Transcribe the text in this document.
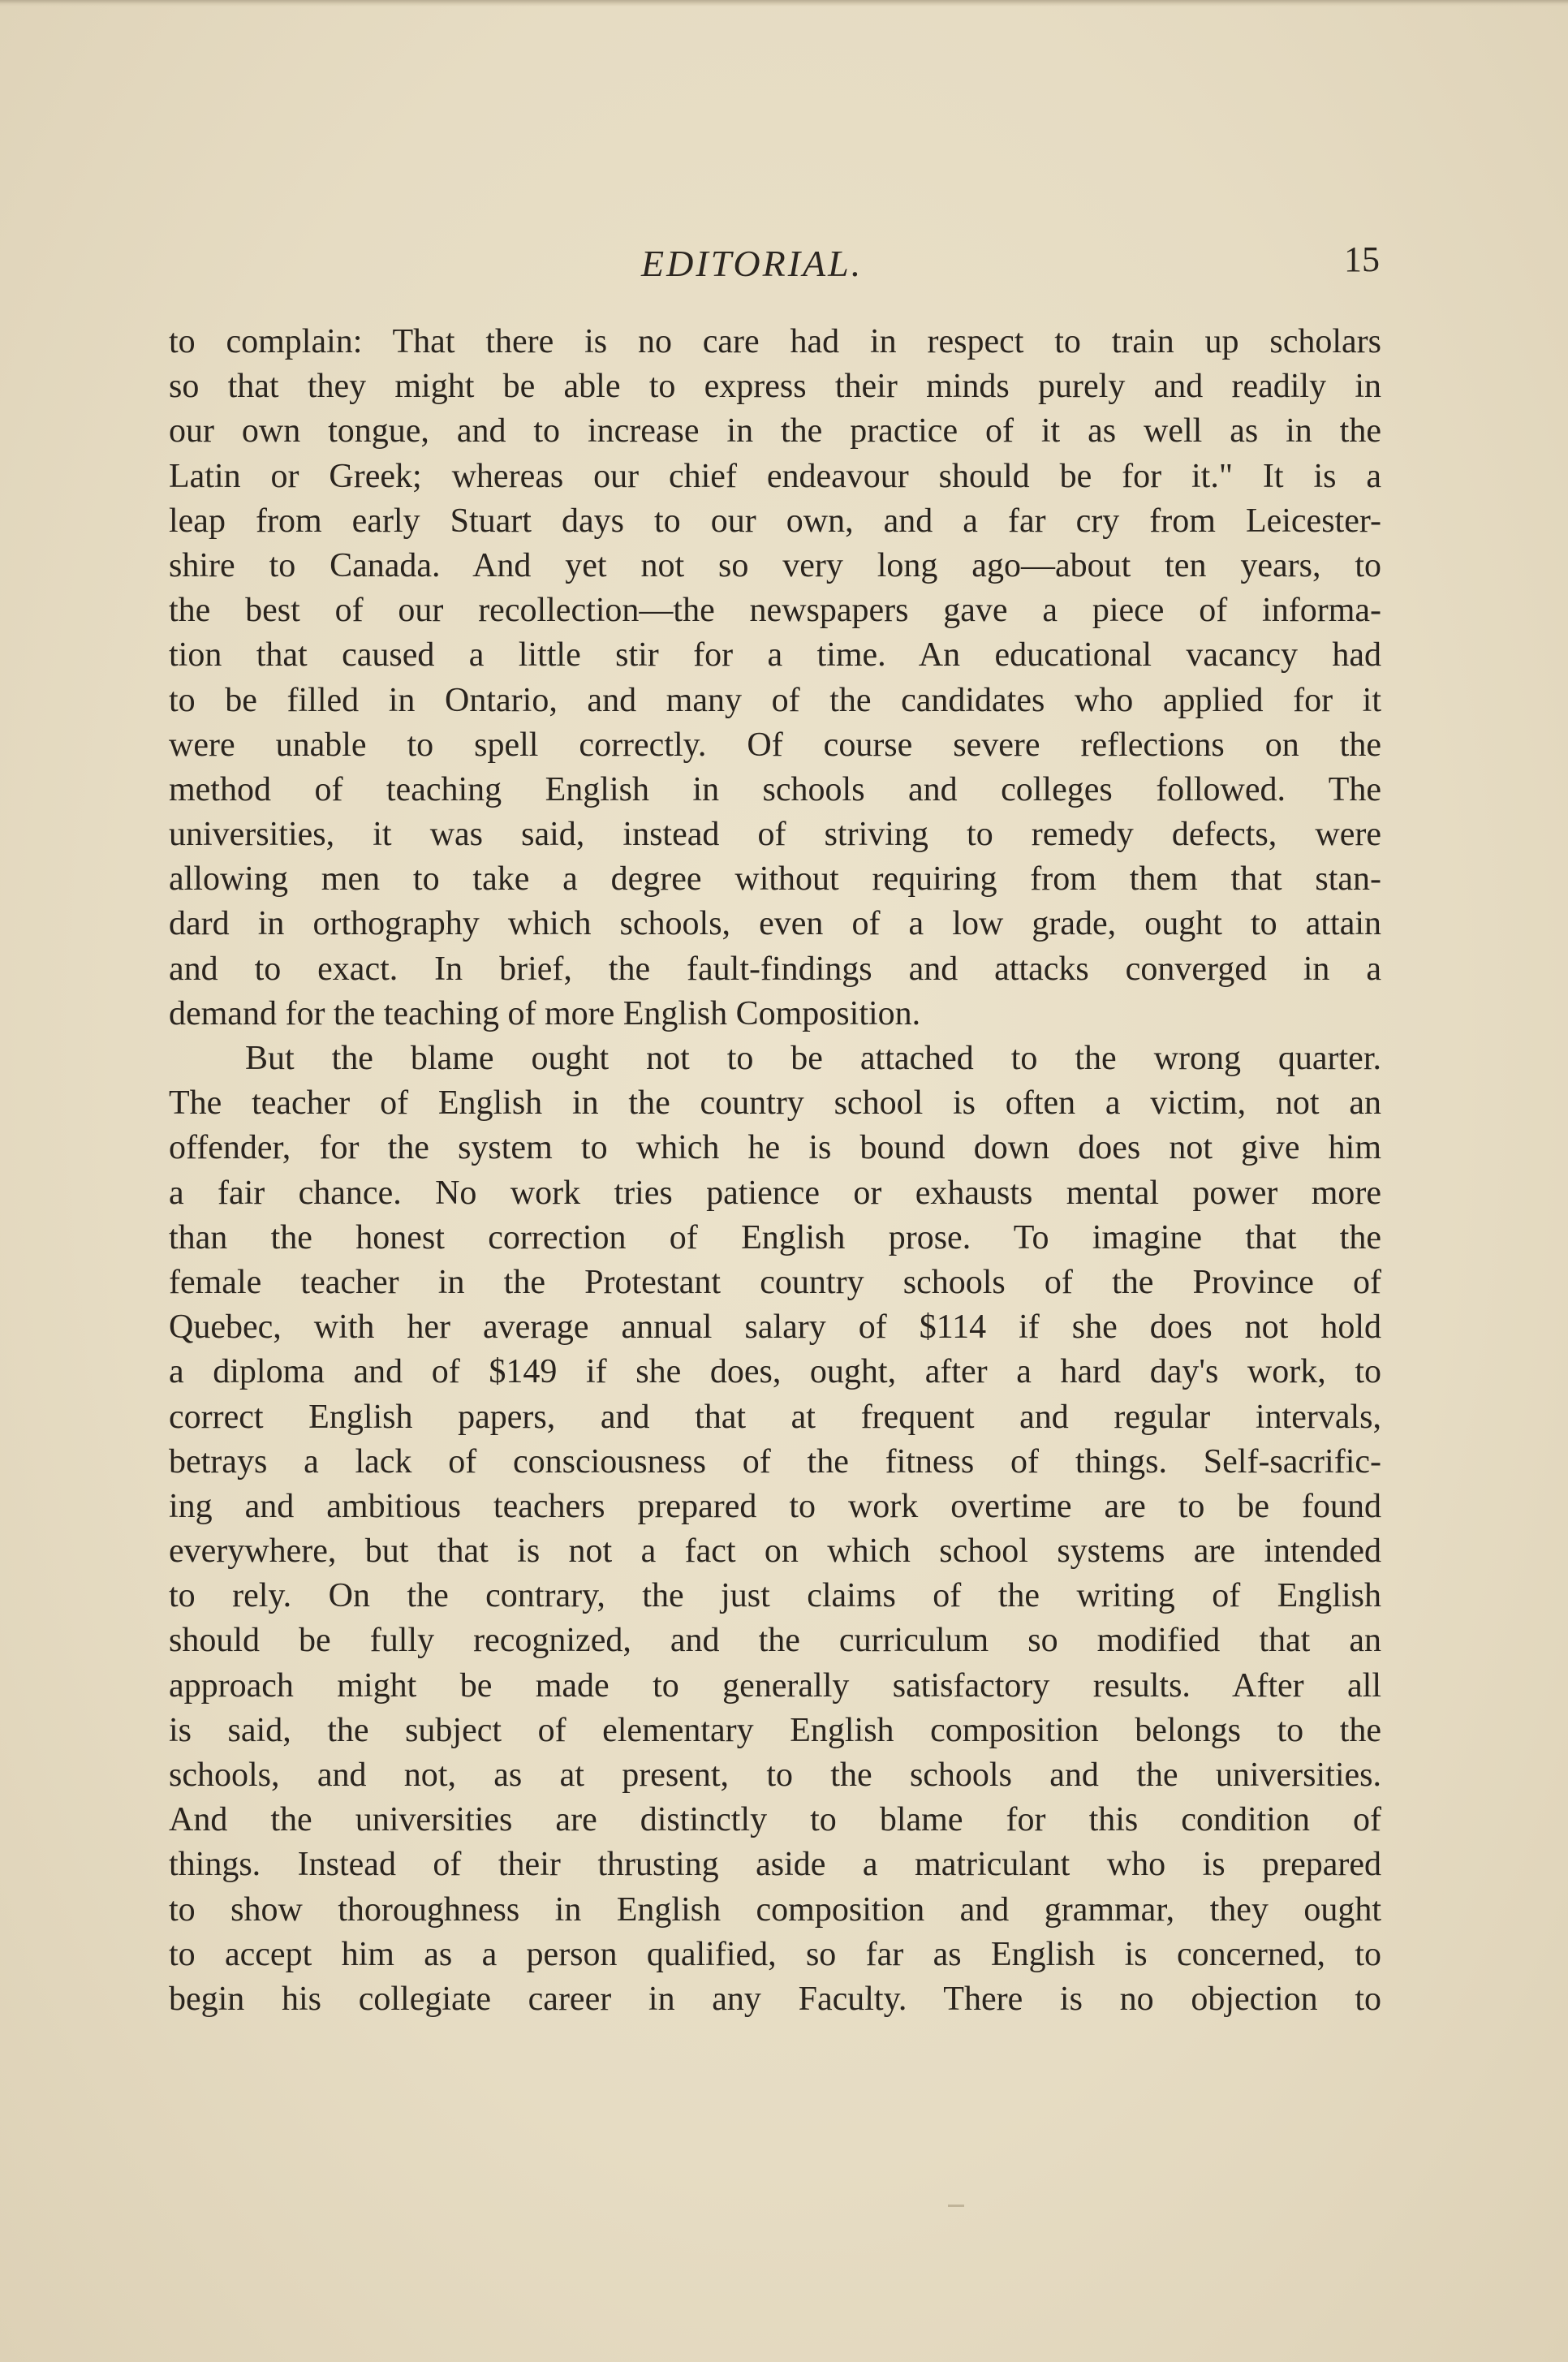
EDITORIAL.	15
to complain: That there is no care had in respect to train up scholars
so that they might be able to express their minds purely and readily in
our own tongue, and to increase in the practice of it as well as in the
Latin or Greek; whereas our chief endeavour should be for it." It is a
leap from early Stuart days to our own, and a far cry from Leicester-
shire to Canada. And yet not so very long ago—about ten years, to
the best of our recollection—the newspapers gave a piece of informa-
tion that caused a little stir for a time. An educational vacancy had
to be filled in Ontario, and many of the candidates who applied for it
were unable to spell correctly. Of course severe reflections on the
method of teaching English in schools and colleges followed. The
universities, it was said, instead of striving to remedy defects, were
allowing men to take a degree without requiring from them that stan-
dard in orthography which schools, even of a low grade, ought to attain
and to exact. In brief, the fault-findings and attacks converged in a
demand for the teaching of more English Composition.
But the blame ought not to be attached to the wrong quarter.
The teacher of English in the country school is often a victim, not an
offender, for the system to which he is bound down does not give him
a fair chance. No work tries patience or exhausts mental power more
than the honest correction of English prose. To imagine that the
female teacher in the Protestant country schools of the Province of
Quebec, with her average annual salary of $114 if she does not hold
a diploma and of $149 if she does, ought, after a hard day's work, to
correct English papers, and that at frequent and regular intervals,
betrays a lack of consciousness of the fitness of things. Self-sacrific-
ing and ambitious teachers prepared to work overtime are to be found
everywhere, but that is not a fact on which school systems are intended
to rely. On the contrary, the just claims of the writing of English
should be fully recognized, and the curriculum so modified that an
approach might be made to generally satisfactory results. After all
is said, the subject of elementary English composition belongs to the
schools, and not, as at present, to the schools and the universities.
And the universities are distinctly to blame for this condition of
things. Instead of their thrusting aside a matriculant who is prepared
to show thoroughness in English composition and grammar, they ought
to accept him as a person qualified, so far as English is concerned, to
begin his collegiate career in any Faculty. There is no objection to
